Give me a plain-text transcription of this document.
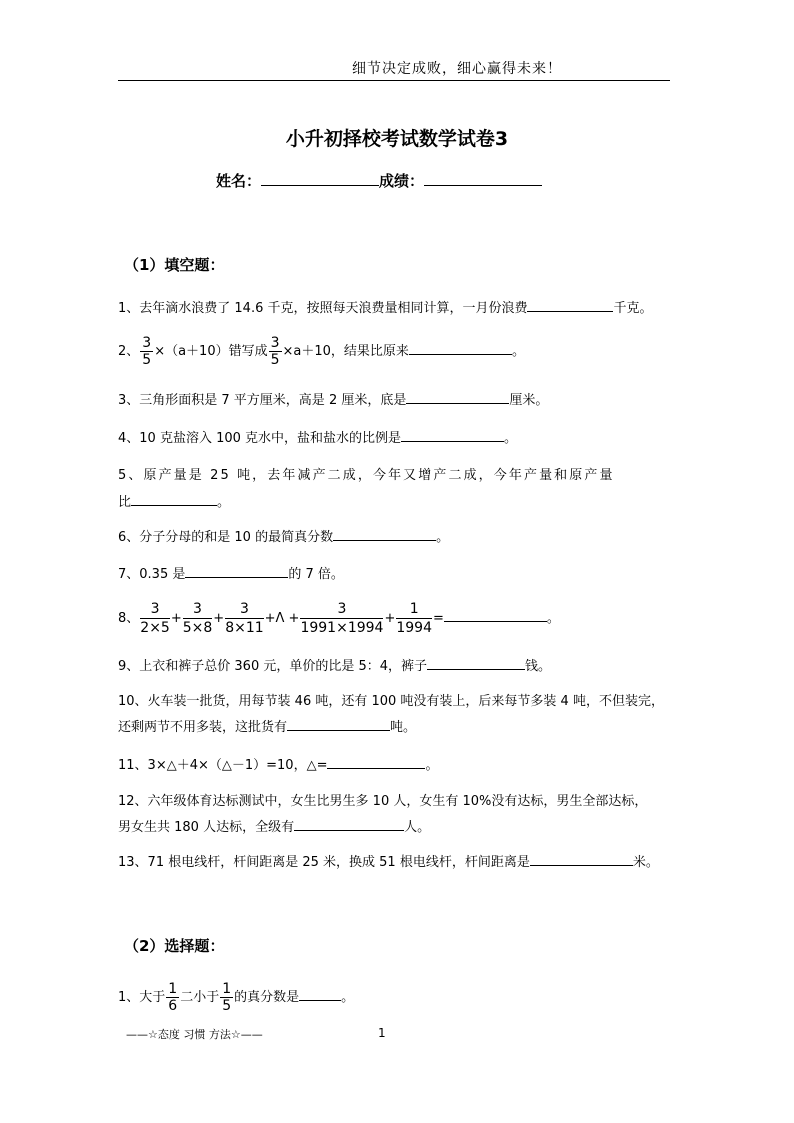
细节决定成败，细心赢得未来！
小升初择校考试数学试卷3
姓名：	成绩：
（1）填空题：
1、去年滴水浪费了 14.6 千克，按照每天浪费量相同计算，一月份浪费	千克。
2、 $\frac{3}{5} \times(a+10)$错写成 $\frac{3}{5} \times a+10$，结果比原来	。
3、三角形面积是 7 平方厘米，高是 2 厘米，底是	厘米。
4、10 克盐溶入 100 克水中，盐和盐水的比例是	。
5、原产量是 25 吨，去年减产二成，今年又增产二成，今年产量和原产量
比	。
6、分子分母的和是 10 的最简真分数	。
7、0.35 是	的 7 倍。
8、 $\frac{3}{2\times 5} + \frac{3}{5\times 8} + \frac{3}{8\times 11} +\Lambda + \frac{3}{1991\times 1994} + \frac{1}{1994}$ =	。
9、上衣和裤子总价 360 元，单价的比是 5：4，裤子	钱。
10、火车装一批货，用每节装 46 吨，还有 100 吨没有装上，后来每节多装 4 吨，不但装完，
还剩两节不用多装，这批货有	吨。
11、3×△＋4×（△－1）=10，△=	。
12、六年级体育达标测试中，女生比男生多 10 人，女生有 10%没有达标，男生全部达标，
男女生共 180 人达标，全级有	人。
13、71 根电线杆，杆间距离是 25 米，换成 51 根电线杆，杆间距离是	米。
（2）选择题：
1、大于 $\frac{1}{6}$ 二小于 $\frac{1}{5}$ 的真分数是	。
——☆态度 习惯 方法☆——	1
